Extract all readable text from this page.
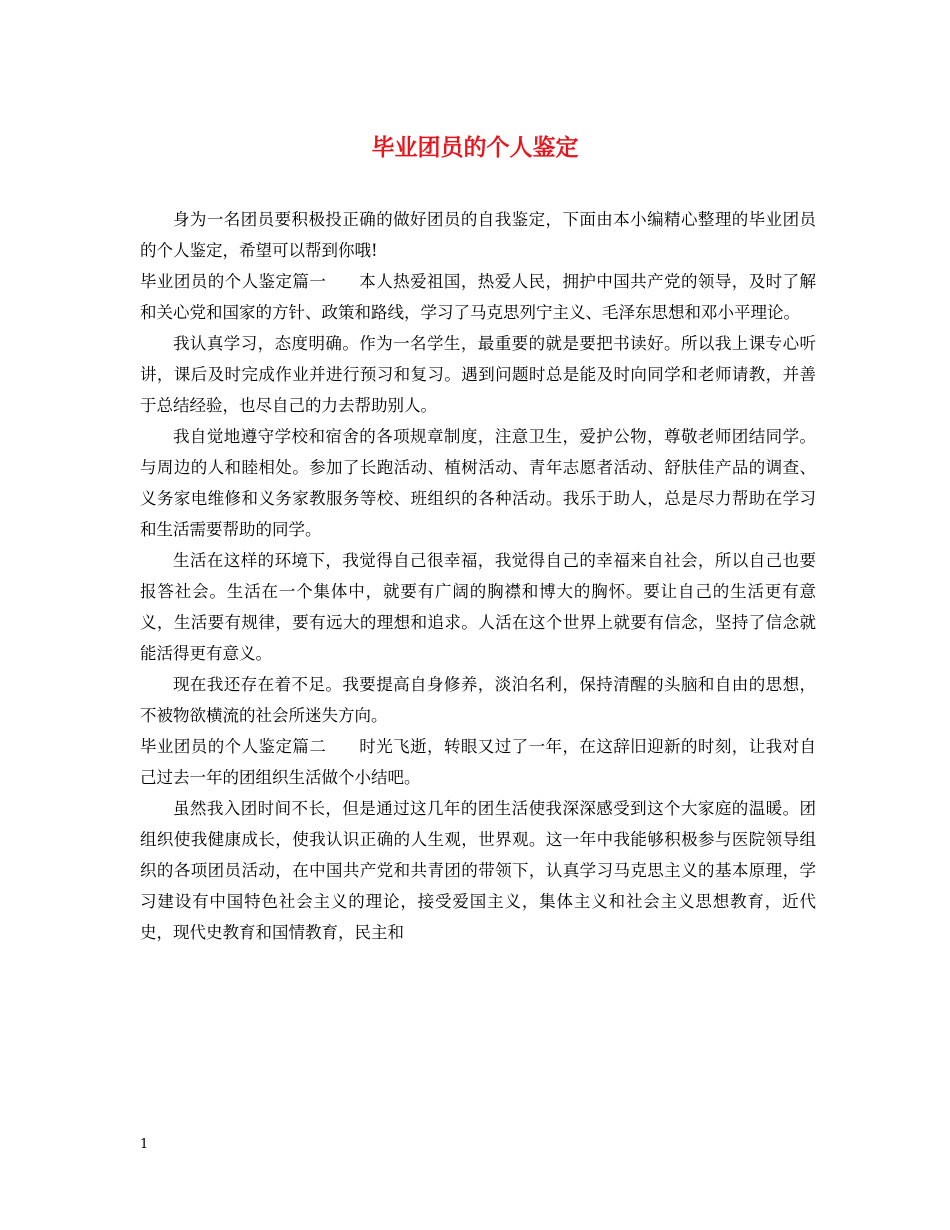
毕业团员的个人鉴定

身为一名团员要积极投正确的做好团员的自我鉴定，下面由本小编精心整理的毕业团员的个人鉴定，希望可以帮到你哦!

毕业团员的个人鉴定篇一 本人热爱祖国，热爱人民，拥护中国共产党的领导，及时了解和关心党和国家的方针、政策和路线，学习了马克思列宁主义、毛泽东思想和邓小平理论。

我认真学习，态度明确。作为一名学生，最重要的就是要把书读好。所以我上课专心听讲，课后及时完成作业并进行预习和复习。遇到问题时总是能及时向同学和老师请教，并善于总结经验，也尽自己的力去帮助别人。

我自觉地遵守学校和宿舍的各项规章制度，注意卫生，爱护公物，尊敬老师团结同学。与周边的人和睦相处。参加了长跑活动、植树活动、青年志愿者活动、舒肤佳产品的调查、义务家电维修和义务家教服务等校、班组织的各种活动。我乐于助人，总是尽力帮助在学习和生活需要帮助的同学。

生活在这样的环境下，我觉得自己很幸福，我觉得自己的幸福来自社会，所以自己也要报答社会。生活在一个集体中，就要有广阔的胸襟和博大的胸怀。要让自己的生活更有意义，生活要有规律，要有远大的理想和追求。人活在这个世界上就要有信念，坚持了信念就能活得更有意义。

现在我还存在着不足。我要提高自身修养，淡泊名利，保持清醒的头脑和自由的思想，不被物欲横流的社会所迷失方向。

毕业团员的个人鉴定篇二 时光飞逝，转眼又过了一年，在这辞旧迎新的时刻，让我对自己过去一年的团组织生活做个小结吧。

虽然我入团时间不长，但是通过这几年的团生活使我深深感受到这个大家庭的温暖。团组织使我健康成长，使我认识正确的人生观，世界观。这一年中我能够积极参与医院领导组织的各项团员活动，在中国共产党和共青团的带领下，认真学习马克思主义的基本原理，学习建设有中国特色社会主义的理论，接受爱国主义，集体主义和社会主义思想教育，近代史，现代史教育和国情教育，民主和

1
